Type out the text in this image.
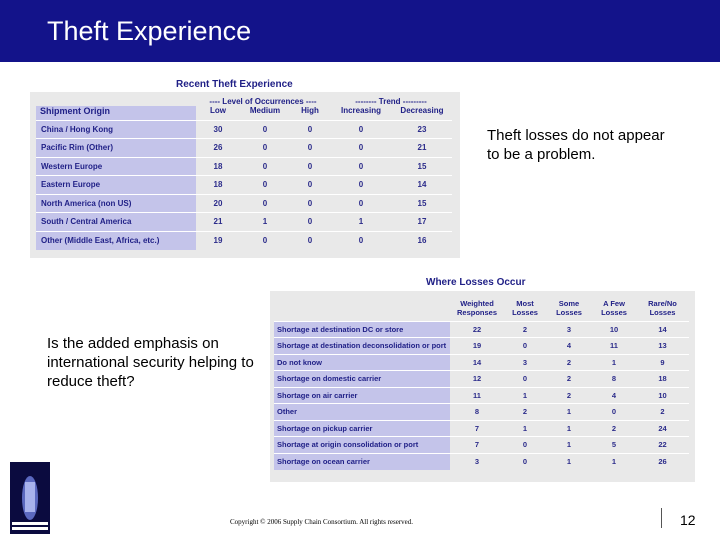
Theft Experience
Recent Theft Experience
	---- Level of Occurrences ----			-------- Trend ---------	
Shipment Origin	Low	Medium	High	Increasing	Decreasing
China / Hong Kong	30	0	0	0	23
Pacific Rim (Other)	26	0	0	0	21
Western Europe	18	0	0	0	15
Eastern Europe	18	0	0	0	14
North America (non US)	20	0	0	0	15
South / Central America	21	1	0	1	17
Other (Middle East, Africa, etc.)	19	0	0	0	16
Theft losses do not appear to be a problem.
Where Losses Occur
	Weighted Responses	Most Losses	Some Losses	A Few Losses	Rare/No Losses
Shortage at destination DC or store	22	2	3	10	14
Shortage at destination deconsolidation or port	19	0	4	11	13
Do not know	14	3	2	1	9
Shortage on domestic carrier	12	0	2	8	18
Shortage on air carrier	11	1	2	4	10
Other	8	2	1	0	2
Shortage on pickup carrier	7	1	1	2	24
Shortage at origin consolidation or port	7	0	1	5	22
Shortage on ocean carrier	3	0	1	1	26
Is the added emphasis on international security helping to reduce theft?
Copyright © 2006 Supply Chain Consortium. All rights reserved.	12
